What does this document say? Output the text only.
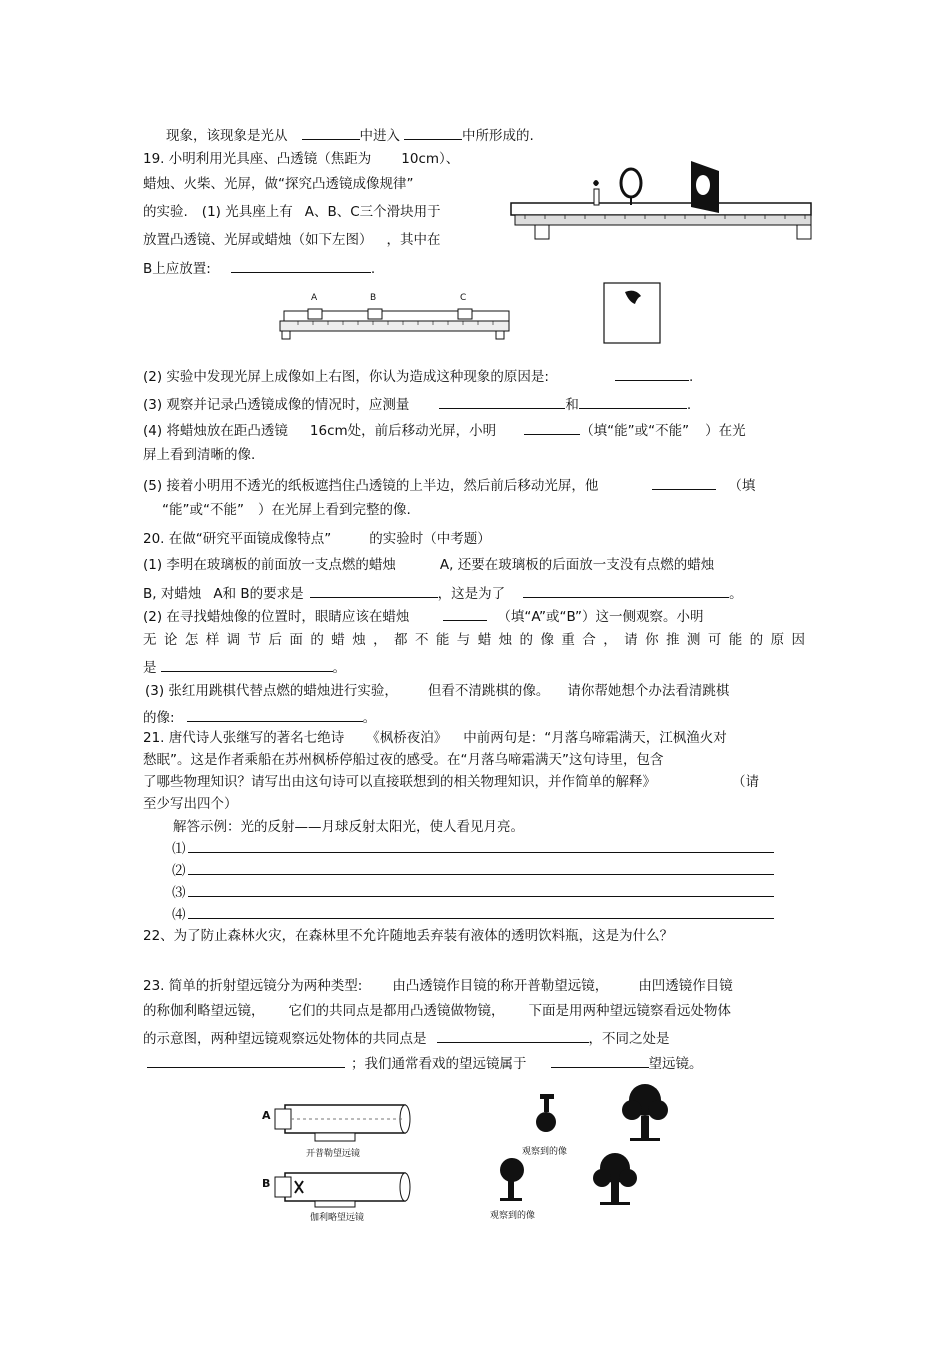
现象，该现象是光从	中进入	中所形成的.
19. 小明利用光具座、凸透镜（焦距为 10cm）、
蜡烛、火柴、光屏，做“探究凸透镜成像规律”
的实验. (1) 光具座上有 A、B、C三个滑块用于
放置凸透镜、光屏或蜡烛（如下左图） ，其中在
B上应放置:	.
A	B	C
(2) 实验中发现光屏上成像如上右图，你认为造成这种现象的原因是:	.
(3) 观察并记录凸透镜成像的情况时，应测量	和	.
(4) 将蜡烛放在距凸透镜 16cm处，前后移动光屏，小明	（填“能”或“不能” ）在光
屏上看到清晰的像.
(5) 接着小明用不透光的纸板遮挡住凸透镜的上半边，然后前后移动光屏，他	（填
“能”或“不能” ）在光屏上看到完整的像.
20. 在做“研究平面镜成像特点”	的实验时（中考题）
(1) 李明在玻璃板的前面放一支点燃的蜡烛	A, 还要在玻璃板的后面放一支没有点燃的蜡烛
B, 对蜡烛 A和 B的要求是	，这是为了	。
(2) 在寻找蜡烛像的位置时，眼睛应该在蜡烛	（填“A”或“B”）这一侧观察。小明
无论怎样调节后面的蜡烛，都不能与蜡烛的像重合，请你推测可能的原因
是	。
(3) 张红用跳棋代替点燃的蜡烛进行实验， 但看不清跳棋的像。 请你帮她想个办法看清跳棋
的像:	。
21. 唐代诗人张继写的著名七绝诗 《枫桥夜泊》 中前两句是：“月落乌啼霜满天，江枫渔火对
愁眠”。这是作者乘船在苏州枫桥停船过夜的感受。在“月落乌啼霜满天”这句诗里，包含
了哪些物理知识？请写出由这句诗可以直接联想到的相关物理知识，并作简单的解释》	（请
至少写出四个）
解答示例：光的反射——月球反射太阳光，使人看见月亮。
⑴
⑵
⑶
⑷
22、为了防止森林火灾，在森林里不允许随地丢弃装有液体的透明饮料瓶，这是为什么？
23. 简单的折射望远镜分为两种类型: 由凸透镜作目镜的称开普勒望远镜， 由凹透镜作目镜
的称伽利略望远镜， 它们的共同点是都用凸透镜做物镜， 下面是用两种望远镜察看远处物体
的示意图，两种望远镜观察远处物体的共同点是	，不同之处是
；我们通常看戏的望远镜属于	望远镜。
A
B
开普勒望远镜
伽利略望远镜
观察到的像
观察到的像
